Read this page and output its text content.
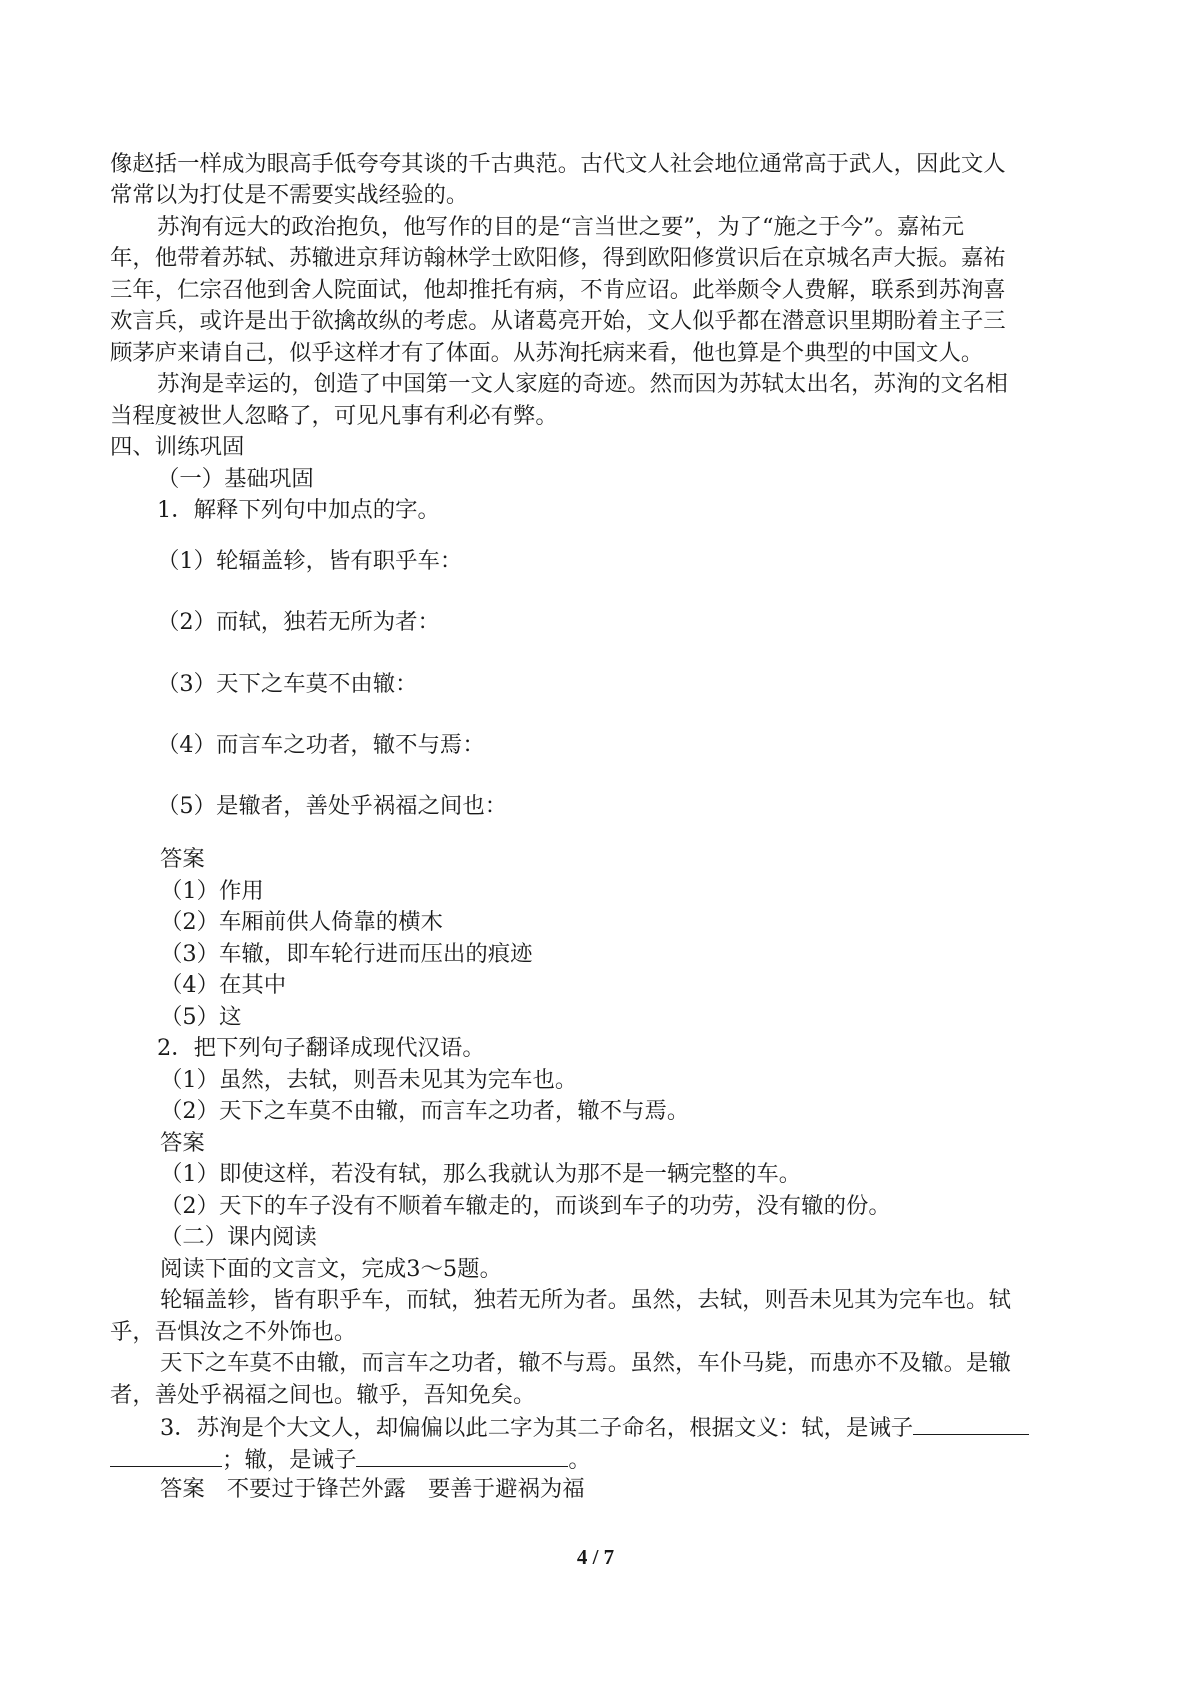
像赵括一样成为眼高手低夸夸其谈的千古典范。古代文人社会地位通常高于武人，因此文人
常常以为打仗是不需要实战经验的。
苏洵有远大的政治抱负，他写作的目的是“言当世之要”，为了“施之于今”。嘉祐元
年，他带着苏轼、苏辙进京拜访翰林学士欧阳修，得到欧阳修赏识后在京城名声大振。嘉祐
三年，仁宗召他到舍人院面试，他却推托有病，不肯应诏。此举颇令人费解，联系到苏洵喜
欢言兵，或许是出于欲擒故纵的考虑。从诸葛亮开始，文人似乎都在潜意识里期盼着主子三
顾茅庐来请自己，似乎这样才有了体面。从苏洵托病来看，他也算是个典型的中国文人。
苏洵是幸运的，创造了中国第一文人家庭的奇迹。然而因为苏轼太出名，苏洵的文名相
当程度被世人忽略了，可见凡事有利必有弊。
四、训练巩固
（一）基础巩固
1．解释下列句中加点的字。
（1）轮辐盖轸，皆有职乎车：
（2）而轼，独若无所为者：
（3）天下之车莫不由辙：
（4）而言车之功者，辙不与焉：
（5）是辙者，善处乎祸福之间也：
答案
（1）作用
（2）车厢前供人倚靠的横木
（3）车辙，即车轮行进而压出的痕迹
（4）在其中
（5）这
2．把下列句子翻译成现代汉语。
（1）虽然，去轼，则吾未见其为完车也。
（2）天下之车莫不由辙，而言车之功者，辙不与焉。
答案
（1）即使这样，若没有轼，那么我就认为那不是一辆完整的车。
（2）天下的车子没有不顺着车辙走的，而谈到车子的功劳，没有辙的份。
（二）课内阅读
阅读下面的文言文，完成3～5题。
轮辐盖轸，皆有职乎车，而轼，独若无所为者。虽然，去轼，则吾未见其为完车也。轼
乎，吾惧汝之不外饰也。
天下之车莫不由辙，而言车之功者，辙不与焉。虽然，车仆马毙，而患亦不及辙。是辙
者，善处乎祸福之间也。辙乎，吾知免矣。
3．苏洵是个大文人，却偏偏以此二字为其二子命名，根据文义：轼，是诫子
；辙，是诫子	。
答案 不要过于锋芒外露 要善于避祸为福
4 / 7
